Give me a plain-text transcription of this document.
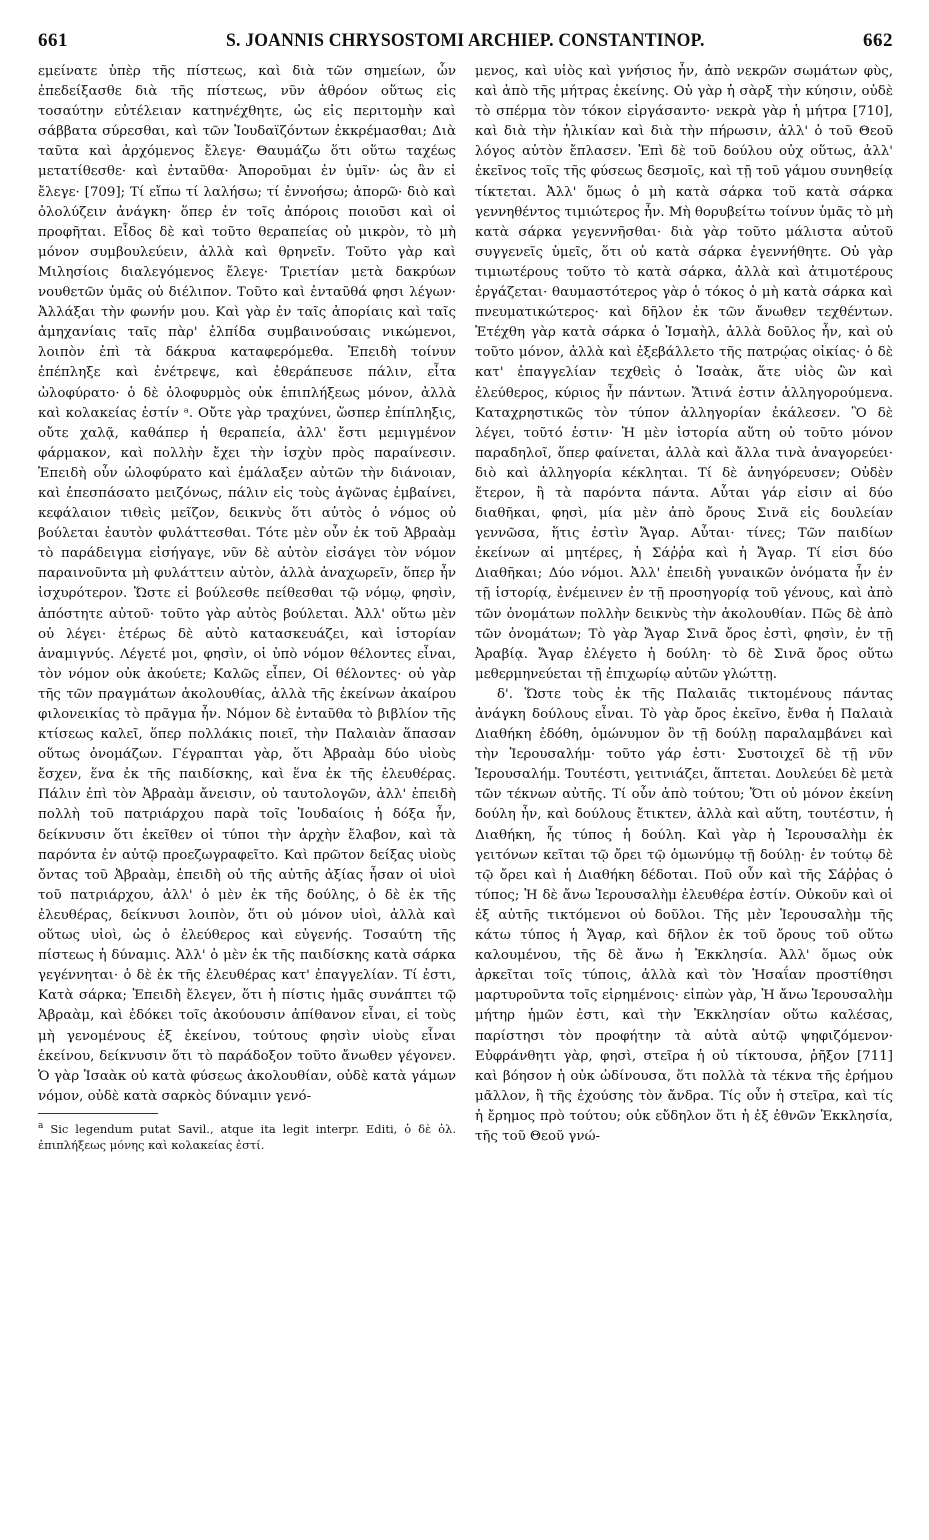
661	S. JOANNIS CHRYSOSTOMI ARCHIEP. CONSTANTINOP.	662

εμείνατε ὑπὲρ τῆς πίστεως, καὶ διὰ τῶν σημείων, ὧν ἐπεδείξασθε διὰ τῆς πίστεως, νῦν ἀθρόον οὕτως εἰς τοσαύτην εὐτέλειαν κατηνέχθητε, ὡς εἰς περιτομὴν καὶ σάββατα σύρεσθαι, καὶ τῶν Ἰουδαϊζόντων ἐκκρέμασθαι; Διὰ ταῦτα καὶ ἀρχόμενος ἔλεγε· Θαυμάζω ὅτι οὕτω ταχέως μετατίθεσθε· καὶ ἐνταῦθα· Ἀποροῦμαι ἐν ὑμῖν· ὡς ἂν εἰ ἔλεγε· [709]; Τί εἴπω τί λαλήσω; τί ἐννοήσω; ἀπορῶ· διὸ καὶ ὀλολύζειν ἀνάγκη· ὅπερ ἐν τοῖς ἀπόροις ποιοῦσι καὶ οἱ προφῆται. Εἶδος δὲ καὶ τοῦτο θεραπείας οὐ μικρὸν, τὸ μὴ μόνον συμβουλεύειν, ἀλλὰ καὶ θρηνεῖν. Τοῦτο γὰρ καὶ Μιλησίοις διαλεγόμενος ἔλεγε· Τριετίαν μετὰ δακρύων νουθετῶν ὑμᾶς οὐ διέλιπον. Τοῦτο καὶ ἐνταῦθά φησι λέγων· Ἀλλάξαι τὴν φωνήν μου. Καὶ γὰρ ἐν ταῖς ἀπορίαις καὶ ταῖς ἀμηχανίαις ταῖς πὰρ' ἐλπίδα συμβαινούσαις νικώμενοι, λοιπὸν ἐπὶ τὰ δάκρυα καταφερόμεθα. Ἐπειδὴ τοίνυν ἐπέπληξε καὶ ἐνέτρεψε, καὶ ἐθεράπευσε πάλιν, εἶτα ὡλοφύρατο· ὁ δὲ ὀλοφυρμὸς οὐκ ἐπιπλήξεως μόνον, ἀλλὰ καὶ κολακείας ἐστίν ᵃ. Οὔτε γὰρ τραχύνει, ὥσπερ ἐπίπληξις, οὔτε χαλᾷ, καθάπερ ἡ θεραπεία, ἀλλ' ἔστι μεμιγμένον φάρμακον, καὶ πολλὴν ἔχει τὴν ἰσχὺν πρὸς παραίνεσιν. Ἐπειδὴ οὖν ὡλοφύρατο καὶ ἐμάλαξεν αὐτῶν τὴν διάνοιαν, καὶ ἐπεσπάσατο μειζόνως, πάλιν εἰς τοὺς ἀγῶνας ἐμβαίνει, κεφάλαιον τιθεὶς μεῖζον, δεικνὺς ὅτι αὐτὸς ὁ νόμος οὐ βούλεται ἑαυτὸν φυλάττεσθαι. Τότε μὲν οὖν ἐκ τοῦ Ἀβραὰμ τὸ παράδειγμα εἰσήγαγε, νῦν δὲ αὐτὸν εἰσάγει τὸν νόμον παραινοῦντα μὴ φυλάττειν αὐτὸν, ἀλλὰ ἀναχωρεῖν, ὅπερ ἦν ἰσχυρότερον. Ὥστε εἰ βούλεσθε πείθεσθαι τῷ νόμῳ, φησὶν, ἀπόστητε αὐτοῦ· τοῦτο γὰρ αὐτὸς βούλεται. Ἀλλ' οὕτω μὲν οὐ λέγει· ἑτέρως δὲ αὐτὸ κατασκευάζει, καὶ ἱστορίαν ἀναμιγνύς. Λέγετέ μοι, φησὶν, οἱ ὑπὸ νόμον θέλοντες εἶναι, τὸν νόμον οὐκ ἀκούετε; Καλῶς εἶπεν, Οἱ θέλοντες· οὐ γὰρ τῆς τῶν πραγμάτων ἀκολουθίας, ἀλλὰ τῆς ἐκείνων ἀκαίρου φιλονεικίας τὸ πρᾶγμα ἦν. Νόμον δὲ ἐνταῦθα τὸ βιβλίον τῆς κτίσεως καλεῖ, ὅπερ πολλάκις ποιεῖ, τὴν Παλαιὰν ἅπασαν οὕτως ὀνομάζων. Γέγραπται γὰρ, ὅτι Ἀβραὰμ δύο υἱοὺς ἔσχεν, ἕνα ἐκ τῆς παιδίσκης, καὶ ἕνα ἐκ τῆς ἐλευθέρας. Πάλιν ἐπὶ τὸν Ἀβραὰμ ἄνεισιν, οὐ ταυτολογῶν, ἀλλ' ἐπειδὴ πολλὴ τοῦ πατριάρχου παρὰ τοῖς Ἰουδαίοις ἡ δόξα ἦν, δείκνυσιν ὅτι ἐκεῖθεν οἱ τύποι τὴν ἀρχὴν ἔλαβον, καὶ τὰ παρόντα ἐν αὐτῷ προεζωγραφεῖτο. Καὶ πρῶτον δείξας υἱοὺς ὄντας τοῦ Ἀβραὰμ, ἐπειδὴ οὐ τῆς αὐτῆς ἀξίας ἦσαν οἱ υἱοὶ τοῦ πατριάρχου, ἀλλ' ὁ μὲν ἐκ τῆς δούλης, ὁ δὲ ἐκ τῆς ἐλευθέρας, δείκνυσι λοιπὸν, ὅτι οὐ μόνον υἱοὶ, ἀλλὰ καὶ οὕτως υἱοὶ, ὡς ὁ ἐλεύθερος καὶ εὐγενής. Τοσαύτη τῆς πίστεως ἡ δύναμις. Ἀλλ' ὁ μὲν ἐκ τῆς παιδίσκης κατὰ σάρκα γεγέννηται· ὁ δὲ ἐκ τῆς ἐλευθέρας κατ' ἐπαγγελίαν. Τί ἐστι, Κατὰ σάρκα; Ἐπειδὴ ἔλεγεν, ὅτι ἡ πίστις ἡμᾶς συνάπτει τῷ Ἀβραὰμ, καὶ ἐδόκει τοῖς ἀκούουσιν ἀπίθανον εἶναι, εἰ τοὺς μὴ γενομένους ἐξ ἐκείνου, τούτους φησὶν υἱοὺς εἶναι ἐκείνου, δείκνυσιν ὅτι τὸ παράδοξον τοῦτο ἄνωθεν γέγονεν. Ὁ γὰρ Ἰσαὰκ οὐ κατὰ φύσεως ἀκολουθίαν, οὐδὲ κατὰ γάμων νόμον, οὐδὲ κατὰ σαρκὸς δύναμιν γενό-

$^a$ Sic legendum putat Savil., atque ita legit interpr. Editi, ὁ δὲ ὀλ. ἐπιπλήξεως μόνης καὶ κολακείας ἐστί.

μενος, καὶ υἱὸς καὶ γνήσιος ἦν, ἀπὸ νεκρῶν σωμάτων φὺς, καὶ ἀπὸ τῆς μήτρας ἐκείνης. Οὐ γὰρ ἡ σὰρξ τὴν κύησιν, οὐδὲ τὸ σπέρμα τὸν τόκον εἰργάσαντο· νεκρὰ γὰρ ἡ μήτρα [710], καὶ διὰ τὴν ἡλικίαν καὶ διὰ τὴν πήρωσιν, ἀλλ' ὁ τοῦ Θεοῦ λόγος αὐτὸν ἔπλασεν. Ἐπὶ δὲ τοῦ δούλου οὐχ οὕτως, ἀλλ' ἐκεῖνος τοῖς τῆς φύσεως δεσμοῖς, καὶ τῇ τοῦ γάμου συνηθείᾳ τίκτεται. Ἀλλ' ὅμως ὁ μὴ κατὰ σάρκα τοῦ κατὰ σάρκα γεννηθέντος τιμιώτερος ἦν. Μὴ θορυβείτω τοίνυν ὑμᾶς τὸ μὴ κατὰ σάρκα γεγεννῆσθαι· διὰ γὰρ τοῦτο μάλιστα αὐτοῦ συγγενεῖς ὑμεῖς, ὅτι οὐ κατὰ σάρκα ἐγεννήθητε. Οὐ γὰρ τιμιωτέρους τοῦτο τὸ κατὰ σάρκα, ἀλλὰ καὶ ἀτιμοτέρους ἐργάζεται· θαυμαστότερος γὰρ ὁ τόκος ὁ μὴ κατὰ σάρκα καὶ πνευματικώτερος· καὶ δῆλον ἐκ τῶν ἄνωθεν τεχθέντων. Ἐτέχθη γὰρ κατὰ σάρκα ὁ Ἰσμαὴλ, ἀλλὰ δοῦλος ἦν, καὶ οὐ τοῦτο μόνον, ἀλλὰ καὶ ἐξεβάλλετο τῆς πατρῴας οἰκίας· ὁ δὲ κατ' ἐπαγγελίαν τεχθεὶς ὁ Ἰσαὰκ, ἅτε υἱὸς ὢν καὶ ἐλεύθερος, κύριος ἦν πάντων. Ἅτινά ἐστιν ἀλληγορούμενα. Καταχρηστικῶς τὸν τύπον ἀλληγορίαν ἐκάλεσεν. Ὃ δὲ λέγει, τοῦτό ἐστιν· Ἡ μὲν ἱστορία αὕτη οὐ τοῦτο μόνον παραδηλοῖ, ὅπερ φαίνεται, ἀλλὰ καὶ ἄλλα τινὰ ἀναγορεύει· διὸ καὶ ἀλληγορία κέκληται. Τί δὲ ἀνηγόρευσεν; Οὐδὲν ἕτερον, ἢ τὰ παρόντα πάντα. Αὗται γάρ εἰσιν αἱ δύο διαθῆκαι, φησὶ, μία μὲν ἀπὸ ὄρους Σινᾶ εἰς δουλείαν γεννῶσα, ἥτις ἐστὶν Ἄγαρ. Αὗται· τίνες; Τῶν παιδίων ἐκείνων αἱ μητέρες, ἡ Σάῤῥα καὶ ἡ Ἄγαρ. Τί εἰσι δύο Διαθῆκαι; Δύο νόμοι. Ἀλλ' ἐπειδὴ γυναικῶν ὀνόματα ἦν ἐν τῇ ἱστορίᾳ, ἐνέμεινεν ἐν τῇ προσηγορίᾳ τοῦ γένους, καὶ ἀπὸ τῶν ὀνομάτων πολλὴν δεικνὺς τὴν ἀκολουθίαν. Πῶς δὲ ἀπὸ τῶν ὀνομάτων; Τὸ γὰρ Ἄγαρ Σινᾶ ὄρος ἐστὶ, φησὶν, ἐν τῇ Ἀραβίᾳ. Ἄγαρ ἐλέγετο ἡ δούλη· τὸ δὲ Σινᾶ ὄρος οὕτω μεθερμηνεύεται τῇ ἐπιχωρίῳ αὐτῶν γλώττῃ.

δ'. Ὥστε τοὺς ἐκ τῆς Παλαιᾶς τικτομένους πάντας ἀνάγκη δούλους εἶναι. Τὸ γὰρ ὄρος ἐκεῖνο, ἔνθα ἡ Παλαιὰ Διαθήκη ἐδόθη, ὁμώνυμον ὂν τῇ δούλῃ παραλαμβάνει καὶ τὴν Ἱερουσαλήμ· τοῦτο γάρ ἐστι· Συστοιχεῖ δὲ τῇ νῦν Ἱερουσαλήμ. Τουτέστι, γειτνιάζει, ἅπτεται. Δουλεύει δὲ μετὰ τῶν τέκνων αὐτῆς. Τί οὖν ἀπὸ τούτου; Ὅτι οὐ μόνον ἐκείνη δούλη ἦν, καὶ δούλους ἔτικτεν, ἀλλὰ καὶ αὕτη, τουτέστιν, ἡ Διαθήκη, ἧς τύπος ἡ δούλη. Καὶ γὰρ ἡ Ἱερουσαλὴμ ἐκ γειτόνων κεῖται τῷ ὄρει τῷ ὁμωνύμῳ τῇ δούλῃ· ἐν τούτῳ δὲ τῷ ὄρει καὶ ἡ Διαθήκη δέδοται. Ποῦ οὖν καὶ τῆς Σάῤῥας ὁ τύπος; Ἡ δὲ ἄνω Ἱερουσαλὴμ ἐλευθέρα ἐστίν. Οὐκοῦν καὶ οἱ ἐξ αὐτῆς τικτόμενοι οὐ δοῦλοι. Τῆς μὲν Ἱερουσαλὴμ τῆς κάτω τύπος ἡ Ἄγαρ, καὶ δῆλον ἐκ τοῦ ὄρους τοῦ οὕτω καλουμένου, τῆς δὲ ἄνω ἡ Ἐκκλησία. Ἀλλ' ὅμως οὐκ ἀρκεῖται τοῖς τύποις, ἀλλὰ καὶ τὸν Ἡσαΐαν προστίθησι μαρτυροῦντα τοῖς εἰρημένοις· εἰπὼν γὰρ, Ἡ ἄνω Ἱερουσαλὴμ μήτηρ ἡμῶν ἐστι, καὶ τὴν Ἐκκλησίαν οὕτω καλέσας, παρίστησι τὸν προφήτην τὰ αὐτὰ αὐτῷ ψηφιζόμενον· Εὐφράνθητι γὰρ, φησὶ, στεῖρα ἡ οὐ τίκτουσα, ῥῆξον [711] καὶ βόησον ἡ οὐκ ὠδίνουσα, ὅτι πολλὰ τὰ τέκνα τῆς ἐρήμου μᾶλλον, ἢ τῆς ἐχούσης τὸν ἄνδρα. Τίς οὖν ἡ στεῖρα, καὶ τίς ἡ ἔρημος πρὸ τούτου; οὐκ εὔδηλον ὅτι ἡ ἐξ ἐθνῶν Ἐκκλησία, τῆς τοῦ Θεοῦ γνώ-
